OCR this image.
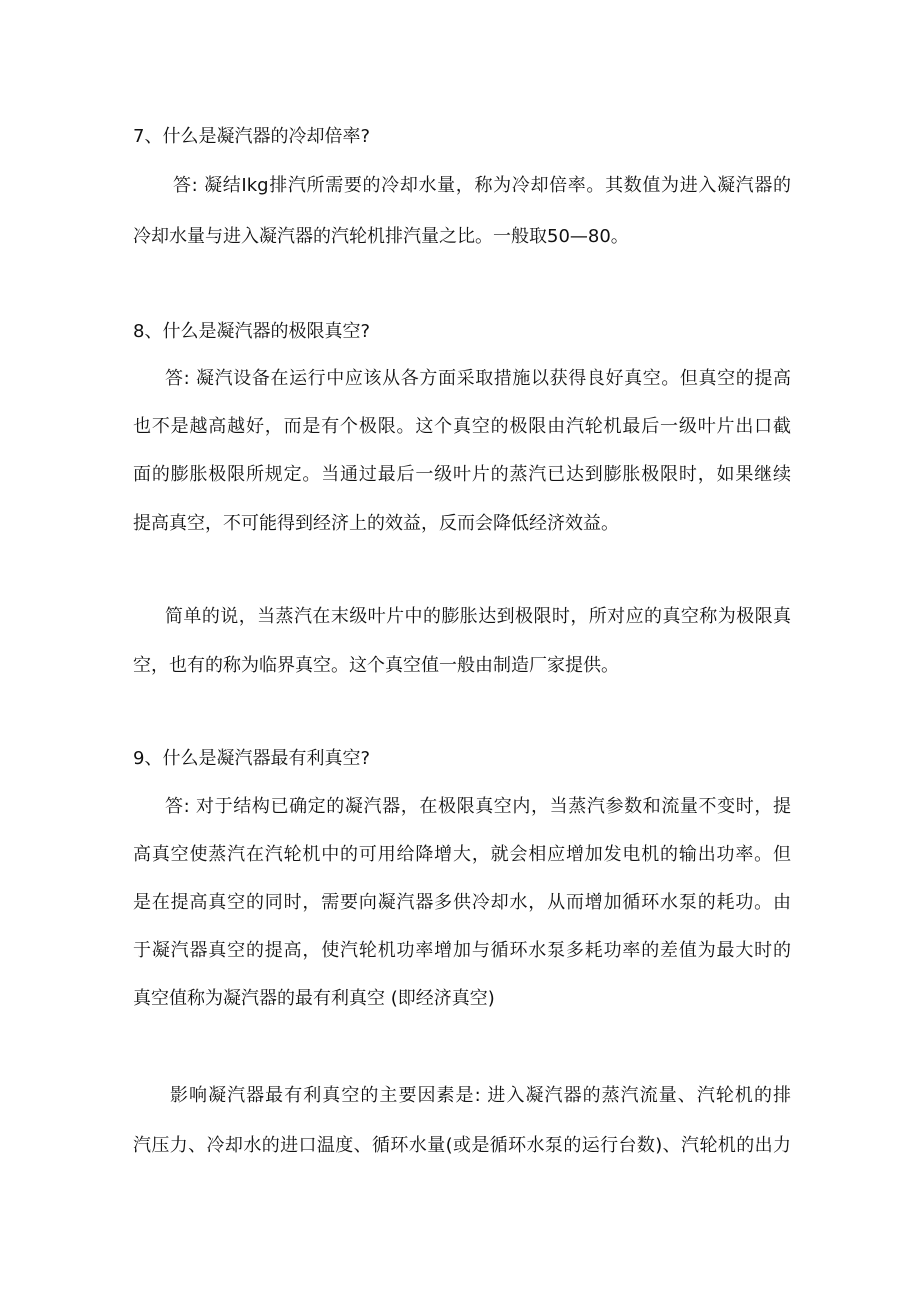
7、什么是凝汽器的冷却倍率?
答: 凝结Ikg排汽所需要的冷却水量，称为冷却倍率。其数值为进入凝汽器的
冷却水量与进入凝汽器的汽轮机排汽量之比。一般取50—80。
8、什么是凝汽器的极限真空?
答: 凝汽设备在运行中应该从各方面采取措施以获得良好真空。但真空的提高
也不是越高越好，而是有个极限。这个真空的极限由汽轮机最后一级叶片出口截
面的膨胀极限所规定。当通过最后一级叶片的蒸汽已达到膨胀极限时，如果继续
提高真空，不可能得到经济上的效益，反而会降低经济效益。
简单的说，当蒸汽在末级叶片中的膨胀达到极限时，所对应的真空称为极限真
空，也有的称为临界真空。这个真空值一般由制造厂家提供。
9、什么是凝汽器最有利真空?
答: 对于结构已确定的凝汽器，在极限真空内，当蒸汽参数和流量不变时，提
高真空使蒸汽在汽轮机中的可用给降增大，就会相应增加发电机的输出功率。但
是在提高真空的同时，需要向凝汽器多供冷却水，从而增加循环水泵的耗功。由
于凝汽器真空的提高，使汽轮机功率增加与循环水泵多耗功率的差值为最大时的
真空值称为凝汽器的最有利真空 (即经济真空)
影响凝汽器最有利真空的主要因素是: 进入凝汽器的蒸汽流量、汽轮机的排
汽压力、冷却水的进口温度、循环水量(或是循环水泵的运行台数)、汽轮机的出力
